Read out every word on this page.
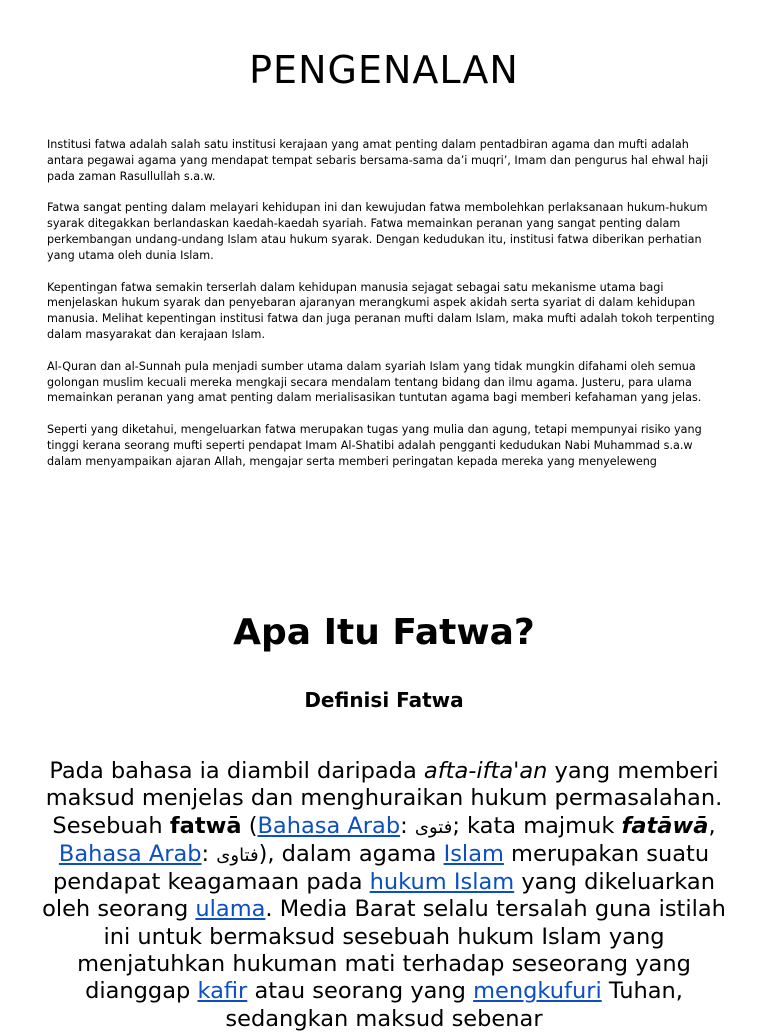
PENGENALAN

Institusi fatwa adalah salah satu institusi kerajaan yang amat penting dalam pentadbiran agama dan mufti adalah antara pegawai agama yang mendapat tempat sebaris bersama-sama da’i muqri’, Imam dan pengurus hal ehwal haji pada zaman Rasullullah s.a.w.

Fatwa sangat penting dalam melayari kehidupan ini dan kewujudan fatwa membolehkan perlaksanaan hukum-hukum syarak ditegakkan berlandaskan kaedah-kaedah syariah. Fatwa memainkan peranan yang sangat penting dalam perkembangan undang-undang Islam atau hukum syarak. Dengan kedudukan itu, institusi fatwa diberikan perhatian yang utama oleh dunia Islam.

Kepentingan fatwa semakin terserlah dalam kehidupan manusia sejagat sebagai satu mekanisme utama bagi menjelaskan hukum syarak dan penyebaran ajaranyan merangkumi aspek akidah serta syariat di dalam kehidupan manusia. Melihat kepentingan institusi fatwa dan juga peranan mufti dalam Islam, maka mufti adalah tokoh terpenting dalam masyarakat dan kerajaan Islam.

Al-Quran dan al-Sunnah pula menjadi sumber utama dalam syariah Islam yang tidak mungkin difahami oleh semua golongan muslim kecuali mereka mengkaji secara mendalam tentang bidang dan ilmu agama. Justeru, para ulama memainkan peranan yang amat penting dalam merialisasikan tuntutan agama bagi memberi kefahaman yang jelas.

Seperti yang diketahui, mengeluarkan fatwa merupakan tugas yang mulia dan agung, tetapi mempunyai risiko yang tinggi kerana seorang mufti seperti pendapat Imam Al-Shatibi adalah pengganti kedudukan Nabi Muhammad s.a.w dalam menyampaikan ajaran Allah, mengajar serta memberi peringatan kepada mereka yang menyeleweng

Apa Itu Fatwa?
Definisi Fatwa

Pada bahasa ia diambil daripada afta-ifta'an yang memberi maksud menjelas dan menghuraikan hukum permasalahan. Sesebuah fatwā (Bahasa Arab: فتوى; kata majmuk fatāwā, Bahasa Arab: فتاوى), dalam agama Islam merupakan suatu pendapat keagamaan pada hukum Islam yang dikeluarkan oleh seorang ulama. Media Barat selalu tersalah guna istilah ini untuk bermaksud sesebuah hukum Islam yang menjatuhkan hukuman mati terhadap seseorang yang dianggap kafir atau seorang yang mengkufuri Tuhan, sedangkan maksud sebenar
